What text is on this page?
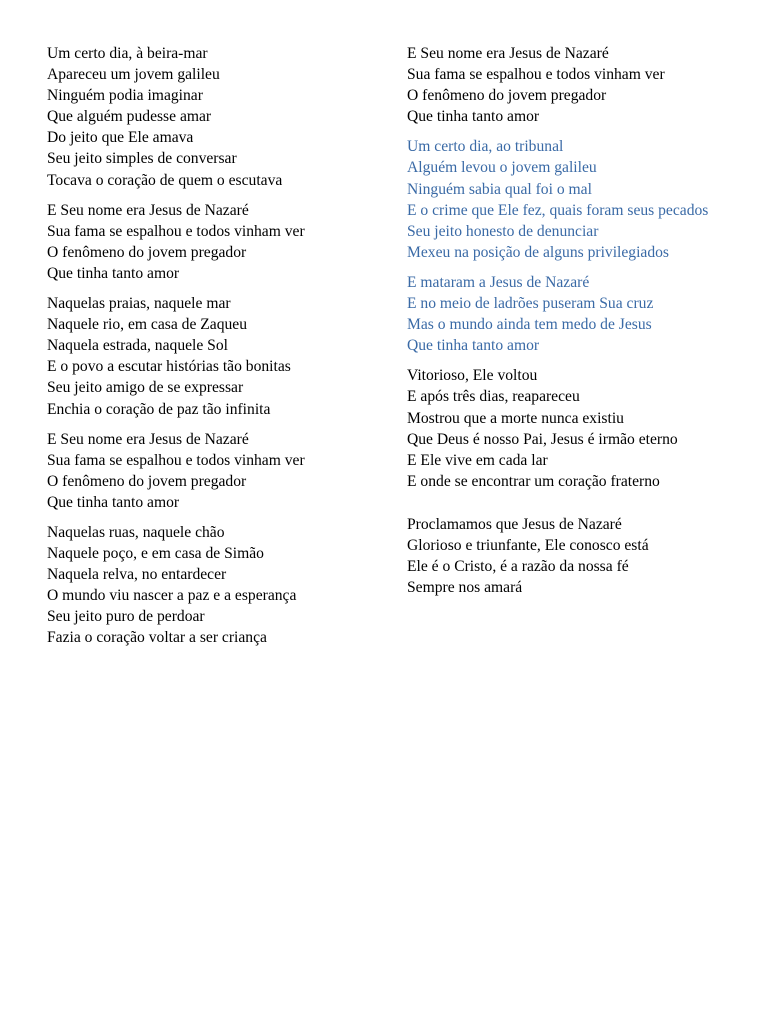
Um certo dia, à beira-mar
Apareceu um jovem galileu
Ninguém podia imaginar
Que alguém pudesse amar
Do jeito que Ele amava
Seu jeito simples de conversar
Tocava o coração de quem o escutava
E Seu nome era Jesus de Nazaré
Sua fama se espalhou e todos vinham ver
O fenômeno do jovem pregador
Que tinha tanto amor
Naquelas praias, naquele mar
Naquele rio, em casa de Zaqueu
Naquela estrada, naquele Sol
E o povo a escutar histórias tão bonitas
Seu jeito amigo de se expressar
Enchia o coração de paz tão infinita
E Seu nome era Jesus de Nazaré
Sua fama se espalhou e todos vinham ver
O fenômeno do jovem pregador
Que tinha tanto amor
Naquelas ruas, naquele chão
Naquele poço, e em casa de Simão
Naquela relva, no entardecer
O mundo viu nascer a paz e a esperança
Seu jeito puro de perdoar
Fazia o coração voltar a ser criança
E Seu nome era Jesus de Nazaré
Sua fama se espalhou e todos vinham ver
O fenômeno do jovem pregador
Que tinha tanto amor
Um certo dia, ao tribunal
Alguém levou o jovem galileu
Ninguém sabia qual foi o mal
E o crime que Ele fez, quais foram seus pecados
Seu jeito honesto de denunciar
Mexeu na posição de alguns privilegiados
E mataram a Jesus de Nazaré
E no meio de ladrões puseram Sua cruz
Mas o mundo ainda tem medo de Jesus
Que tinha tanto amor
Vitorioso, Ele voltou
E após três dias, reapareceu
Mostrou que a morte nunca existiu
Que Deus é nosso Pai, Jesus é irmão eterno
E Ele vive em cada lar
E onde se encontrar um coração fraterno
Proclamamos que Jesus de Nazaré
Glorioso e triunfante, Ele conosco está
Ele é o Cristo, é a razão da nossa fé
Sempre nos amará
